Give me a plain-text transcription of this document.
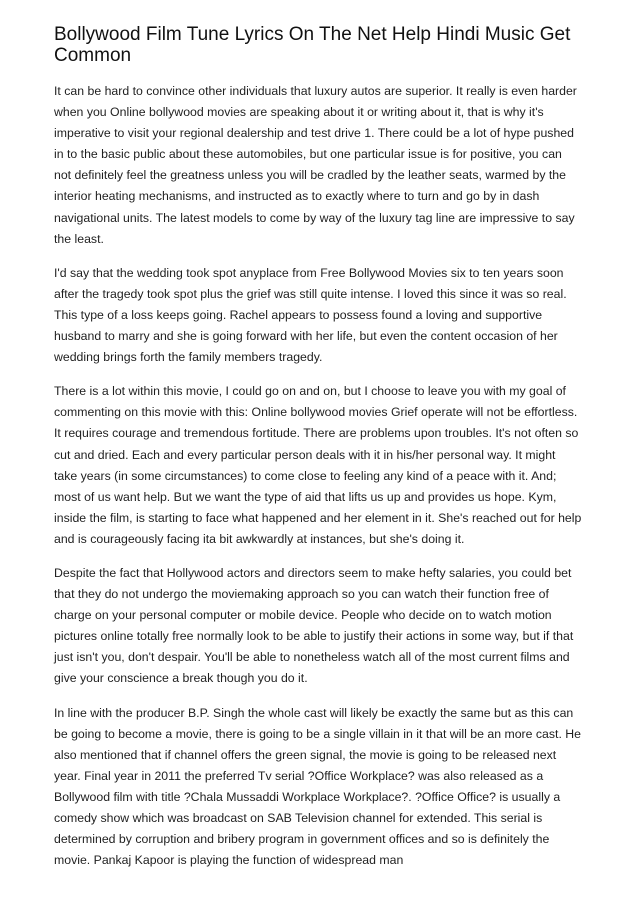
Bollywood Film Tune Lyrics On The Net Help Hindi Music Get Common

It can be hard to convince other individuals that luxury autos are superior. It really is even harder when you Online bollywood movies are speaking about it or writing about it, that is why it's imperative to visit your regional dealership and test drive 1. There could be a lot of hype pushed in to the basic public about these automobiles, but one particular issue is for positive, you can not definitely feel the greatness unless you will be cradled by the leather seats, warmed by the interior heating mechanisms, and instructed as to exactly where to turn and go by in dash navigational units. The latest models to come by way of the luxury tag line are impressive to say the least.

I'd say that the wedding took spot anyplace from Free Bollywood Movies six to ten years soon after the tragedy took spot plus the grief was still quite intense. I loved this since it was so real. This type of a loss keeps going. Rachel appears to possess found a loving and supportive husband to marry and she is going forward with her life, but even the content occasion of her wedding brings forth the family members tragedy.

There is a lot within this movie, I could go on and on, but I choose to leave you with my goal of commenting on this movie with this: Online bollywood movies Grief operate will not be effortless. It requires courage and tremendous fortitude. There are problems upon troubles. It's not often so cut and dried. Each and every particular person deals with it in his/her personal way. It might take years (in some circumstances) to come close to feeling any kind of a peace with it. And; most of us want help. But we want the type of aid that lifts us up and provides us hope. Kym, inside the film, is starting to face what happened and her element in it. She's reached out for help and is courageously facing ita bit awkwardly at instances, but she's doing it.

Despite the fact that Hollywood actors and directors seem to make hefty salaries, you could bet that they do not undergo the moviemaking approach so you can watch their function free of charge on your personal computer or mobile device. People who decide on to watch motion pictures online totally free normally look to be able to justify their actions in some way, but if that just isn't you, don't despair. You'll be able to nonetheless watch all of the most current films and give your conscience a break though you do it.

In line with the producer B.P. Singh the whole cast will likely be exactly the same but as this can be going to become a movie, there is going to be a single villain in it that will be an more cast. He also mentioned that if channel offers the green signal, the movie is going to be released next year. Final year in 2011 the preferred Tv serial ?Office Workplace? was also released as a Bollywood film with title ?Chala Mussaddi Workplace Workplace?. ?Office Office? is usually a comedy show which was broadcast on SAB Television channel for extended. This serial is determined by corruption and bribery program in government offices and so is definitely the movie. Pankaj Kapoor is playing the function of widespread man
